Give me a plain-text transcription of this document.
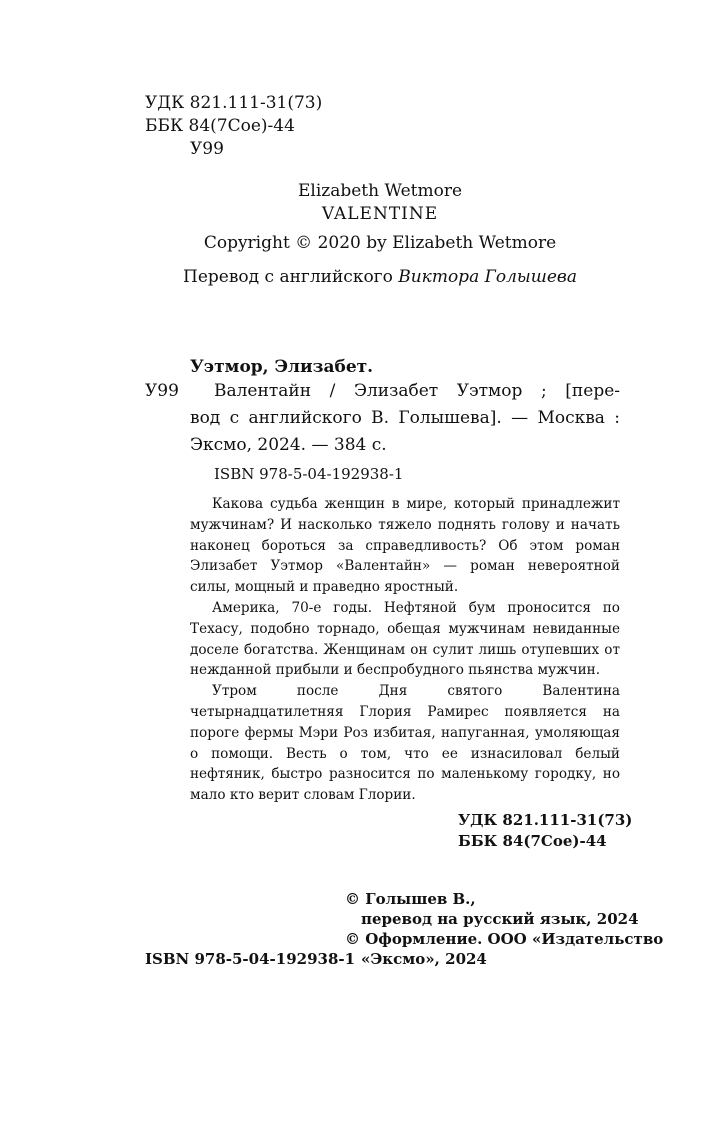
УДК 821.111-31(73)
ББК 84(7Сое)-44
У99
Elizabeth Wetmore
VALENTINE
Copyright © 2020 by Elizabeth Wetmore
Перевод с английского Виктора Голышева
Уэтмор, Элизабет.
У99 Валентайн / Элизабет Уэтмор ; [пере-
вод с английского В. Голышева]. — Москва :
Эксмо, 2024. — 384 с.
ISBN 978-5-04-192938-1

Какова судьба женщин в мире, который принадлежит мужчинам? И насколько тяжело поднять голову и начать наконец бороться за справедливость? Об этом роман Элизабет Уэтмор «Валентайн» — роман невероятной силы, мощный и праведно яростный.

Америка, 70-е годы. Нефтяной бум проносится по Техасу, подобно торнадо, обещая мужчинам невиданные доселе богатства. Женщинам он сулит лишь отупевших от нежданной прибыли и беспробудного пьянства мужчин.

Утром после Дня святого Валентина четырнадцатилетняя Глория Рамирес появляется на пороге фермы Мэри Роз избитая, напуганная, умоляющая о помощи. Весть о том, что ее изнасиловал белый нефтяник, быстро разносится по маленькому городку, но мало кто верит словам Глории.

УДК 821.111-31(73)
ББК 84(7Сое)-44
© Голышев В.,
перевод на русский язык, 2024
© Оформление. ООО «Издательство
«Эксмо», 2024
ISBN 978-5-04-192938-1
